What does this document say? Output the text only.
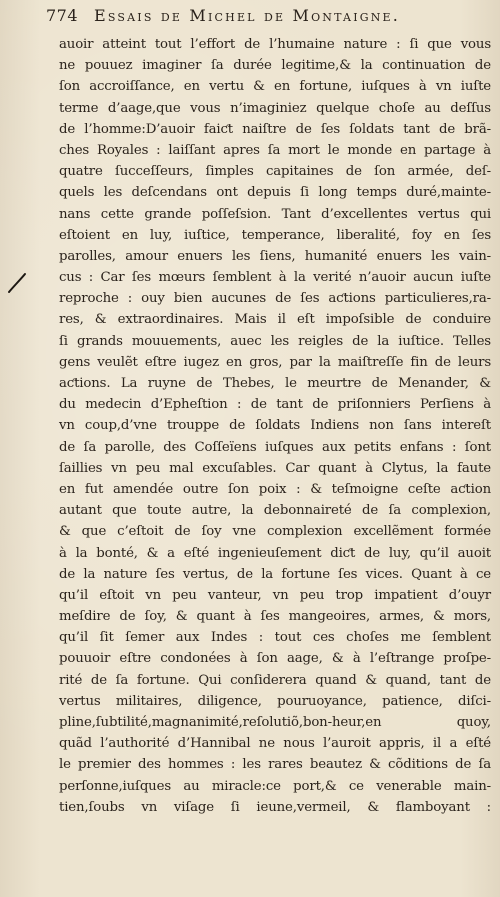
774 Essais de Michel de Montaigne.
auoir atteint tout l’effort de l’humaine nature : ſi que vous
ne pouuez imaginer ſa durée legitime,& la continuation de
ſon accroiſſance, en vertu & en fortune, iuſques à vn iuſte
terme d’aage,que vous n’imaginiez quelque choſe au deſſus
de l’homme:D’auoir faiƈt naiſtre de ſes ſoldats tant de brã-
ches Royales : laiſſant apres ſa mort le monde en partage à
quatre ſucceſſeurs, ſimples capitaines de ſon armée, deſ-
quels les deſcendans ont depuis ſi long temps duré,mainte-
nans cette grande poſſeſsion. Tant d’excellentes vertus qui
eſtoient en luy, iuſtice, temperance, liberalité, foy en ſes
parolles, amour enuers les ſiens, humanité enuers les vain-
cus : Car ſes mœurs ſemblent à la verité n’auoir aucun iuſte
reproche : ouy bien aucunes de ſes aƈtions particulieres,ra-
res, & extraordinaires. Mais il eſt impoſsible de conduire
ſi grands mouuements, auec les reigles de la iuſtice. Telles
gens veulẽt eſtre iugez en gros, par la maiſtreſſe fin de leurs
aƈtions. La ruyne de Thebes, le meurtre de Menander, &
du medecin d’Epheſtion : de tant de priſonniers Perſiens à
vn coup,d’vne trouppe de ſoldats Indiens non ſans intereſt
de ſa parolle, des Coſſeïens iuſques aux petits enfans : ſont
ſaillies vn peu mal excuſables. Car quant à Clytus, la faute
en fut amendée outre ſon poix : & teſmoigne ceſte aƈtion
autant que toute autre, la debonnaireté de ſa complexion,
& que c’eſtoit de ſoy vne complexion excellẽment formée
à la bonté, & a eſté ingenieuſement diƈt de luy, qu’il auoit
de la nature ſes vertus, de la fortune ſes vices. Quant à ce
qu’il eſtoit vn peu vanteur, vn peu trop impatient d’ouyr
meſdire de ſoy, & quant à ſes mangeoires, armes, & mors,
qu’il ſit ſemer aux Indes : tout ces choſes me ſemblent
pouuoir eſtre condonées à ſon aage, & à l’eſtrange proſpe-
rité de ſa fortune. Qui conſiderera quand & quand, tant de
vertus militaires, diligence, pouruoyance, patience, diſci-
pline,ſubtilité,magnanimité,reſolutiõ,bon-heur,en quoy,
quãd l’authorité d’Hannibal ne nous l’auroit appris, il a eſté
le premier des hommes : les rares beautez & cõditions de ſa
perſonne,iuſques au miracle:ce port,& ce venerable main-
tien,ſoubs vn viſage ſi ieune,vermeil, & flamboyant :
